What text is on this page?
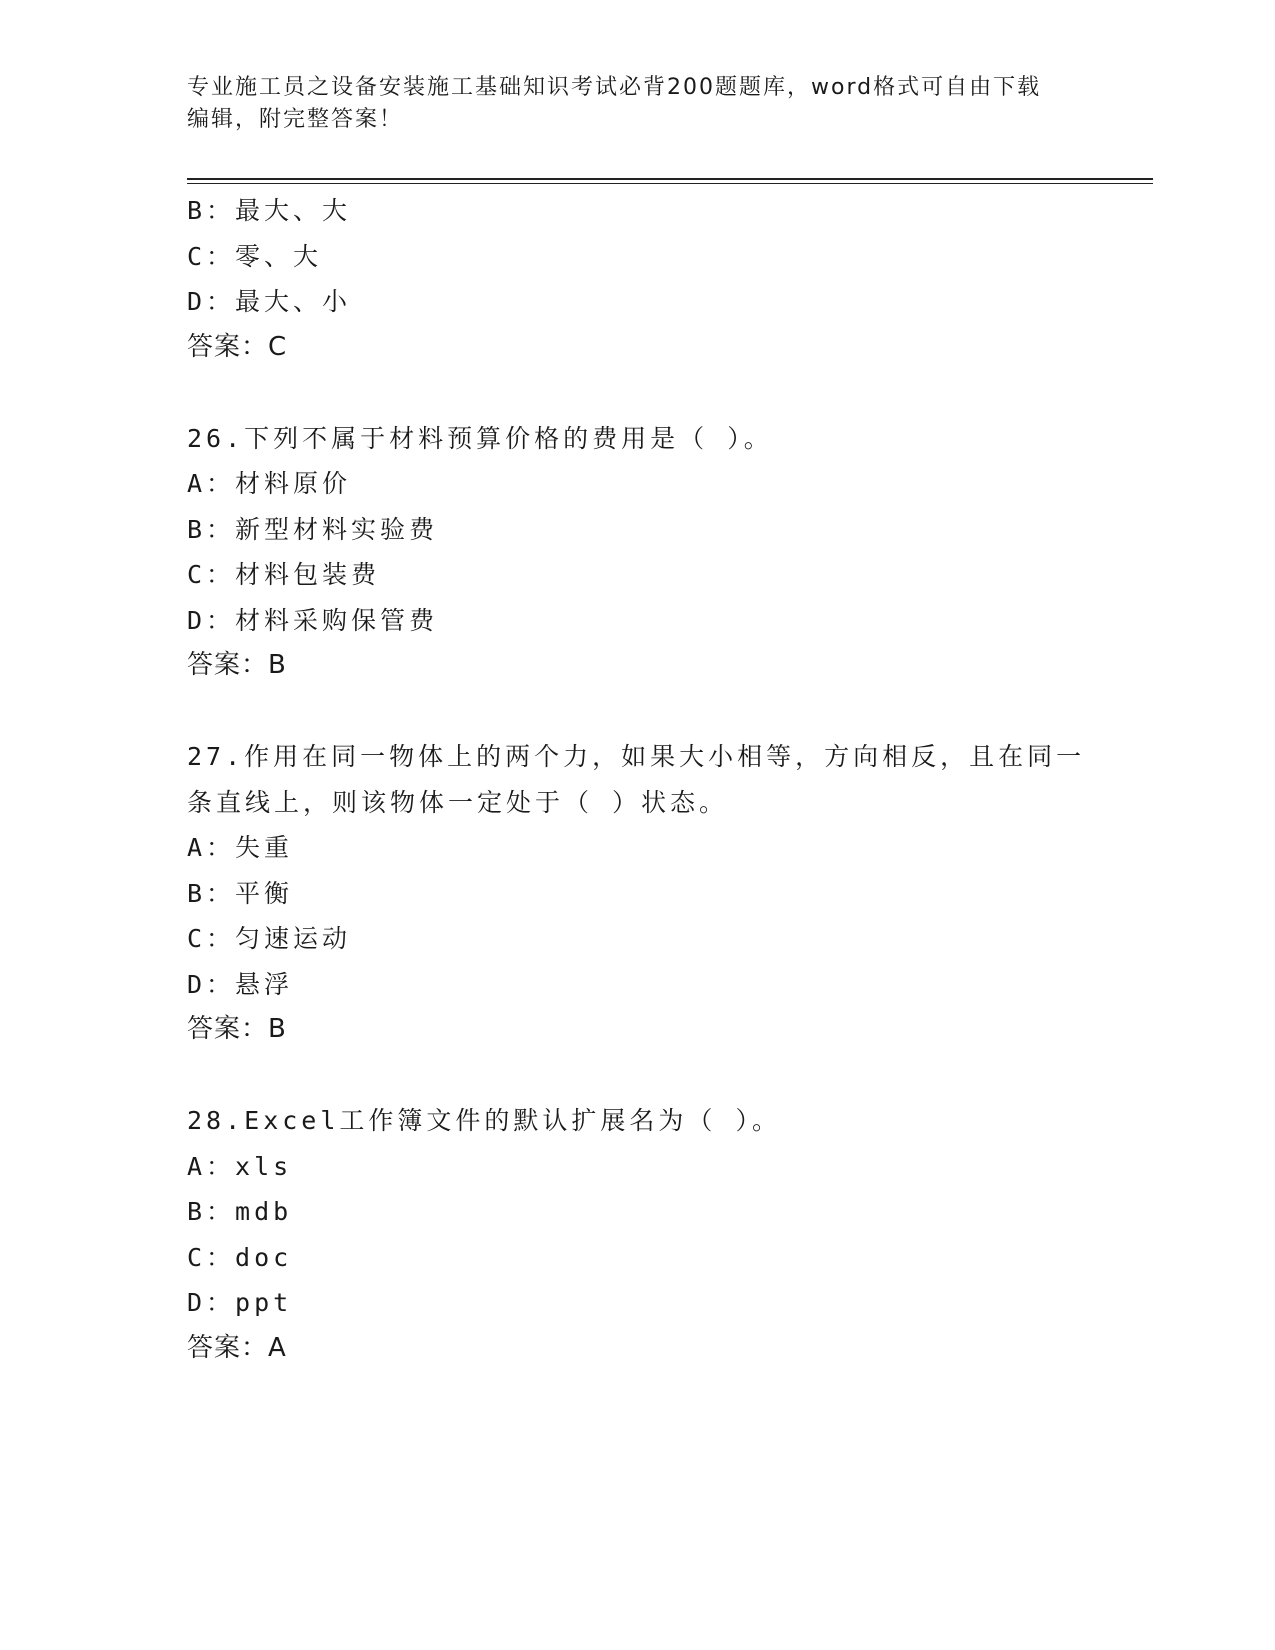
专业施工员之设备安装施工基础知识考试必背200题题库，word格式可自由下载
编辑，附完整答案！
B：最大、大
C：零、大
D：最大、小
答案：C
26.下列不属于材料预算价格的费用是（ ）。
A：材料原价
B：新型材料实验费
C：材料包装费
D：材料采购保管费
答案：B
27.作用在同一物体上的两个力，如果大小相等，方向相反，且在同一
条直线上，则该物体一定处于（ ）状态。
A：失重
B：平衡
C：匀速运动
D：悬浮
答案：B
28.Excel工作簿文件的默认扩展名为（ ）。
A：xls
B：mdb
C：doc
D：ppt
答案：A
